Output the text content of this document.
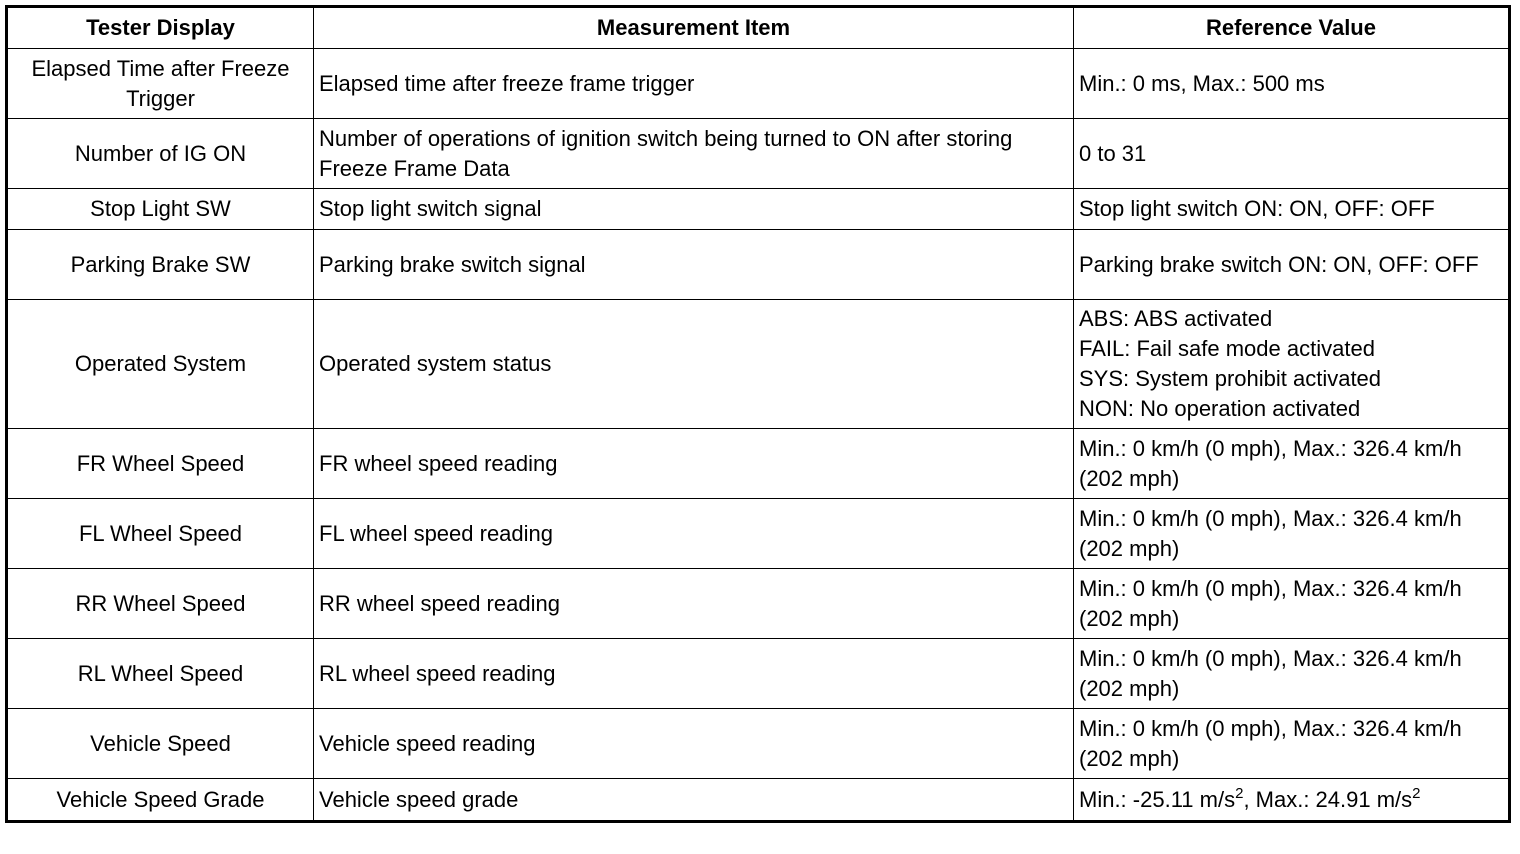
Tester Display	Measurement Item	Reference Value
Elapsed Time after Freeze Trigger	Elapsed time after freeze frame trigger	Min.: 0 ms, Max.: 500 ms
Number of IG ON	Number of operations of ignition switch being turned to ON after storing Freeze Frame Data	0 to 31
Stop Light SW	Stop light switch signal	Stop light switch ON: ON, OFF: OFF
Parking Brake SW	Parking brake switch signal	Parking brake switch ON: ON, OFF: OFF
Operated System	Operated system status	ABS: ABS activated
FAIL: Fail safe mode activated
SYS: System prohibit activated
NON: No operation activated

FR Wheel Speed	FR wheel speed reading	Min.: 0 km/h (0 mph), Max.: 326.4 km/h (202 mph)
FL Wheel Speed	FL wheel speed reading	Min.: 0 km/h (0 mph), Max.: 326.4 km/h (202 mph)
RR Wheel Speed	RR wheel speed reading	Min.: 0 km/h (0 mph), Max.: 326.4 km/h (202 mph)
RL Wheel Speed	RL wheel speed reading	Min.: 0 km/h (0 mph), Max.: 326.4 km/h (202 mph)
Vehicle Speed	Vehicle speed reading	Min.: 0 km/h (0 mph), Max.: 326.4 km/h (202 mph)
Vehicle Speed Grade	Vehicle speed grade	Min.: -25.11 $m/s^2$, Max.: 24.91 $m/s^2$
